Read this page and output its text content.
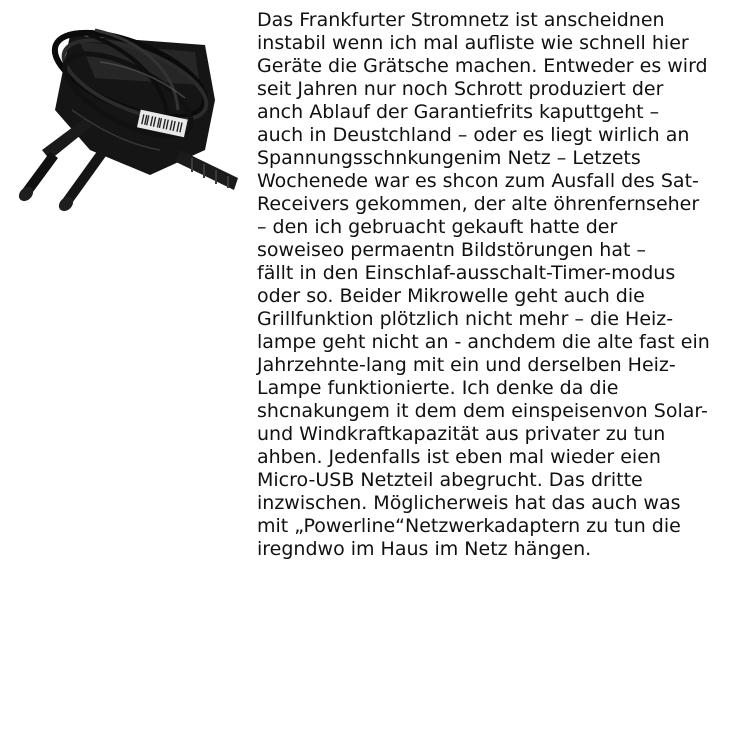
Das Frankfurter Stromnetz ist anscheidnen
instabil wenn ich mal aufliste wie schnell hier
Geräte die Grätsche machen. Entweder es wird
seit Jahren nur noch Schrott produziert der
anch Ablauf der Garantiefrits kaputtgeht –
auch in Deustchland – oder es liegt wirlich an
Spannungsschnkungenim Netz – Letzets
Wochenede war es shcon zum Ausfall des Sat-
Receivers gekommen, der alte öhrenfernseher
– den ich gebruacht gekauft hatte der
soweiseo permaentn Bildstörungen hat –
fällt in den Einschlaf-ausschalt-Timer-modus
oder so. Beider Mikrowelle geht auch die
Grillfunktion plötzlich nicht mehr – die Heiz-
lampe geht nicht an - anchdem die alte fast ein
Jahrzehnte-lang mit ein und derselben Heiz-
Lampe funktionierte. Ich denke da die
shcnakungem it dem dem einspeisenvon Solar-
und Windkraftkapazität aus privater zu tun
ahben. Jedenfalls ist eben mal wieder eien
Micro-USB Netzteil abegrucht. Das dritte
inzwischen. Möglicherweis hat das auch was
mit „Powerline“Netzwerkadaptern zu tun die
iregndwo im Haus im Netz hängen.
